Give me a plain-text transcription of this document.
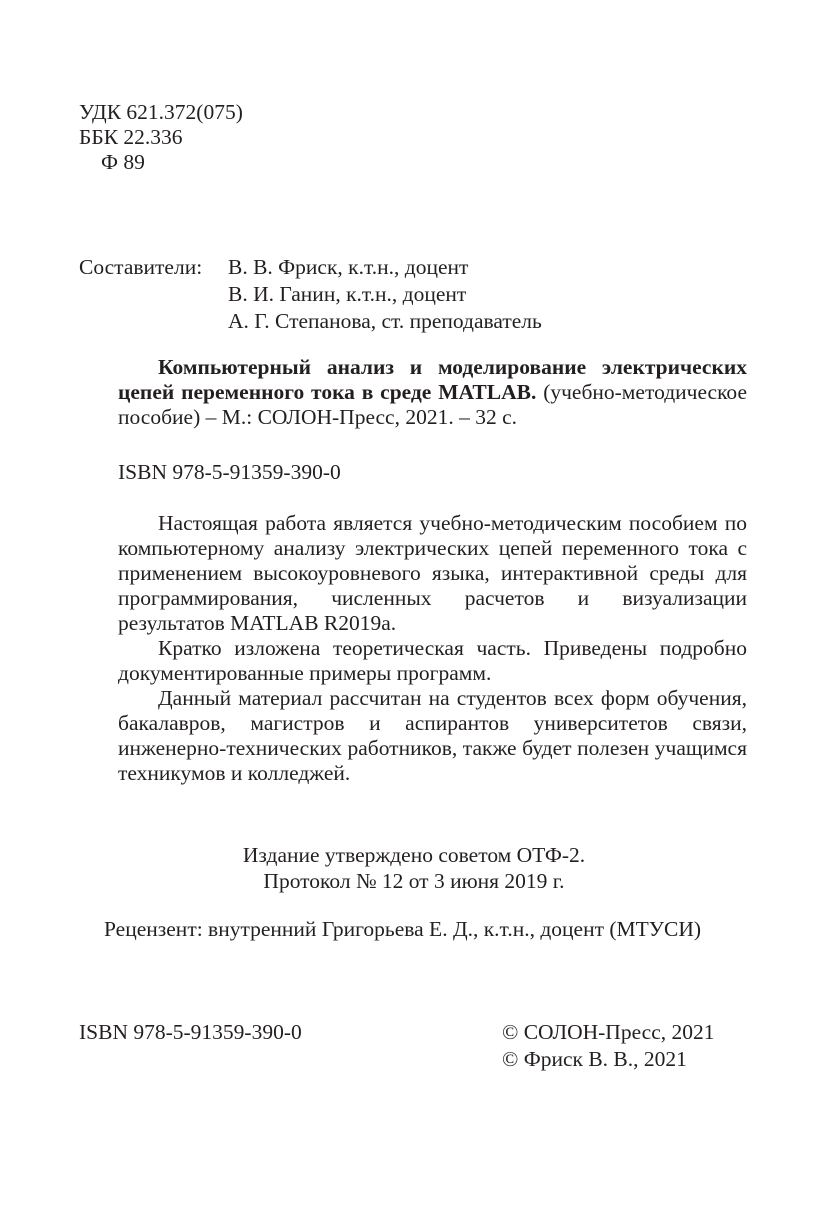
УДК 621.372(075)
ББК 22.336
Ф 89
Составители:	В. В. Фриск, к.т.н., доцент
В. И. Ганин, к.т.н., доцент
А. Г. Степанова, ст. преподаватель

Компьютерный анализ и моделирование электрических цепей переменного тока в среде MATLAB. (учебно-методическое пособие) – М.: СОЛОН-Пресс, 2021. – 32 с.

ISBN 978-5-91359-390-0

Настоящая работа является учебно-методическим пособием по компьютерному анализу электрических цепей переменного тока с применением высокоуровневого языка, интерактивной среды для программирования, численных расчетов и визуализации результатов MATLAB R2019a.

Кратко изложена теоретическая часть. Приведены подробно документированные примеры программ.

Данный материал рассчитан на студентов всех форм обучения, бакалавров, магистров и аспирантов университетов связи, инженерно-технических работников, также будет полезен учащимся техникумов и колледжей.

Издание утверждено советом ОТФ-2.
Протокол № 12 от 3 июня 2019 г.
Рецензент: внутренний Григорьева Е. Д., к.т.н., доцент (МТУСИ)
ISBN 978-5-91359-390-0	© СОЛОН-Пресс, 2021
© Фриск В. В., 2021
